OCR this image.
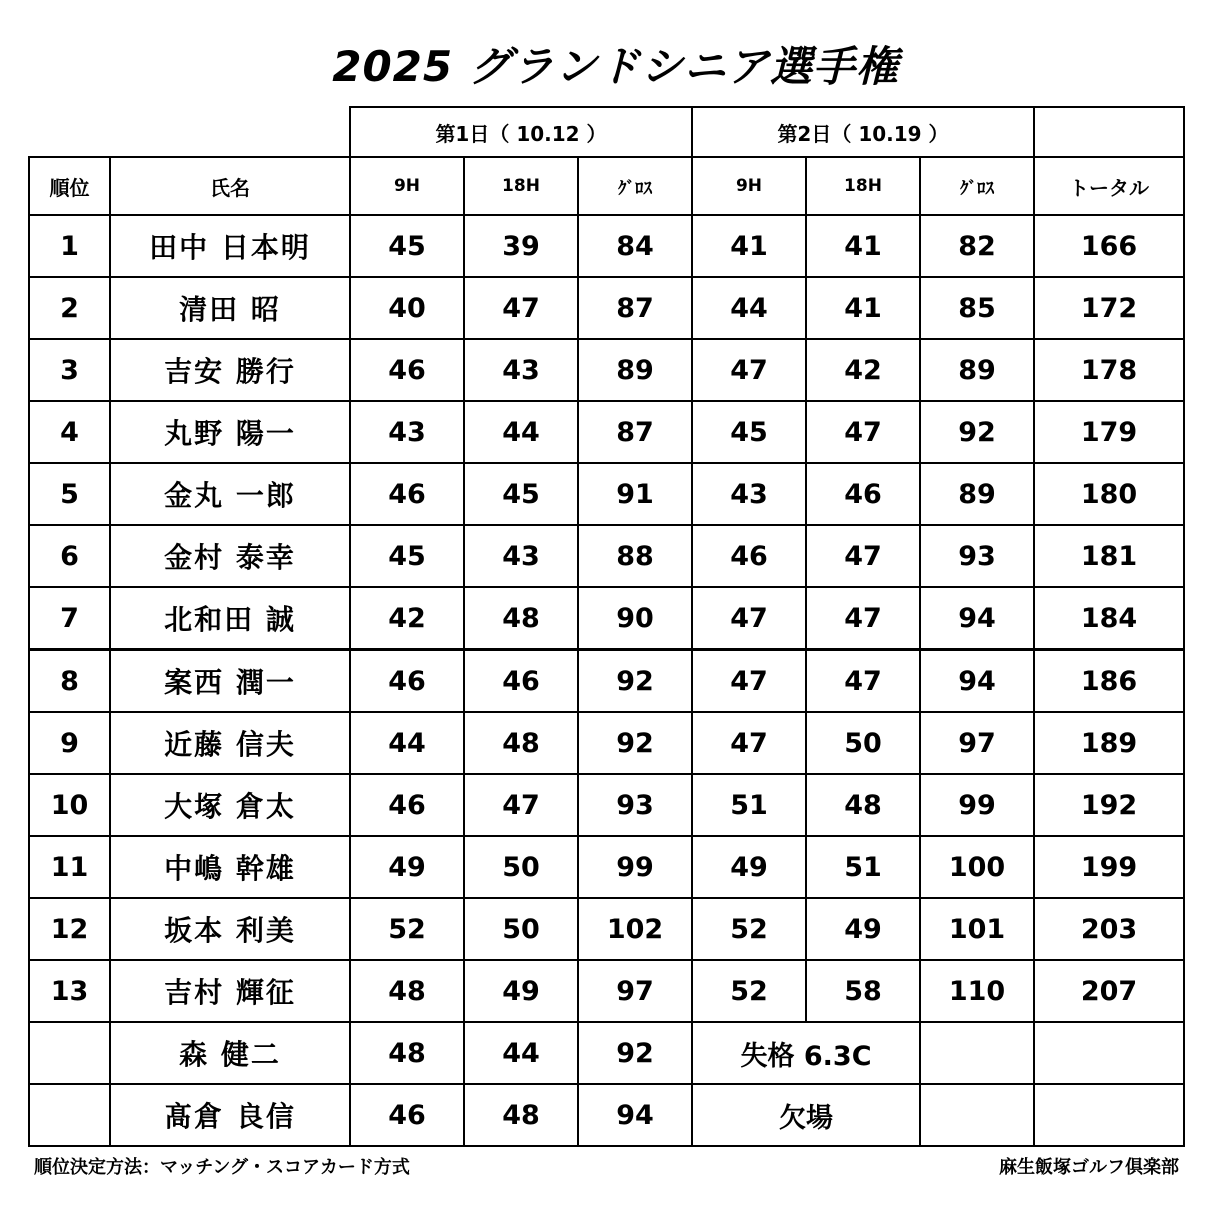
2025 グランドシニア選手権
		第1日（ 10.12 ）			第2日（ 10.19 ）			
順位	氏名	9H	18H	ｸﾞﾛｽ	9H	18H	ｸﾞﾛｽ	トータル
1	田中 日本明	45	39	84	41	41	82	166
2	清田 昭	40	47	87	44	41	85	172
3	吉安 勝行	46	43	89	47	42	89	178
4	丸野 陽一	43	44	87	45	47	92	179
5	金丸 一郎	46	45	91	43	46	89	180
6	金村 泰幸	45	43	88	46	47	93	181
7	北和田 誠	42	48	90	47	47	94	184
8	案西 潤一	46	46	92	47	47	94	186
9	近藤 信夫	44	48	92	47	50	97	189
10	大塚 倉太	46	47	93	51	48	99	192
11	中嶋 幹雄	49	50	99	49	51	100	199
12	坂本 利美	52	50	102	52	49	101	203
13	吉村 輝征	48	49	97	52	58	110	207
	森 健二	48	44	92	失格 6.3C			
	髙倉 良信	46	48	94	欠場			
順位決定方法：マッチング・スコアカード方式	麻生飯塚ゴルフ倶楽部
